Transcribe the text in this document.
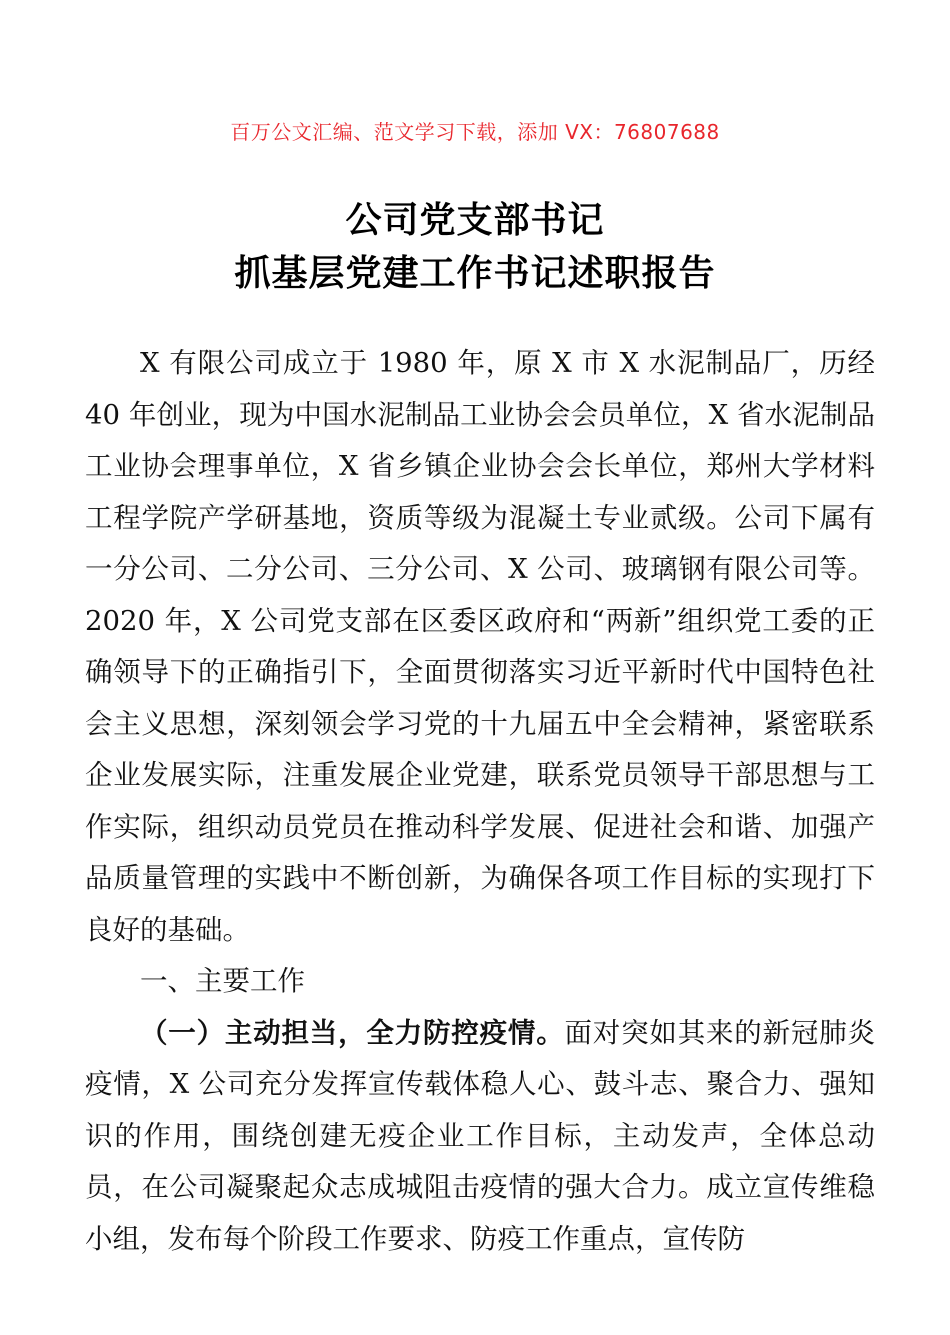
百万公文汇编、范文学习下载，添加 VX：76807688
公司党支部书记
抓基层党建工作书记述职报告

X 有限公司成立于 1980 年，原 X 市 X 水泥制品厂，历经 40 年创业，现为中国水泥制品工业协会会员单位，X 省水泥制品工业协会理事单位，X 省乡镇企业协会会长单位，郑州大学材料工程学院产学研基地，资质等级为混凝土专业贰级。公司下属有一分公司、二分公司、三分公司、X 公司、玻璃钢有限公司等。2020 年，X 公司党支部在区委区政府和“两新”组织党工委的正确领导下的正确指引下，全面贯彻落实习近平新时代中国特色社会主义思想，深刻领会学习党的十九届五中全会精神，紧密联系企业发展实际，注重发展企业党建，联系党员领导干部思想与工作实际，组织动员党员在推动科学发展、促进社会和谐、加强产品质量管理的实践中不断创新，为确保各项工作目标的实现打下良好的基础。

一、主要工作

（一）主动担当，全力防控疫情。面对突如其来的新冠肺炎疫情，X 公司充分发挥宣传载体稳人心、鼓斗志、聚合力、强知识的作用，围绕创建无疫企业工作目标，主动发声，全体总动员，在公司凝聚起众志成城阻击疫情的强大合力。成立宣传维稳小组，发布每个阶段工作要求、防疫工作重点，宣传防
